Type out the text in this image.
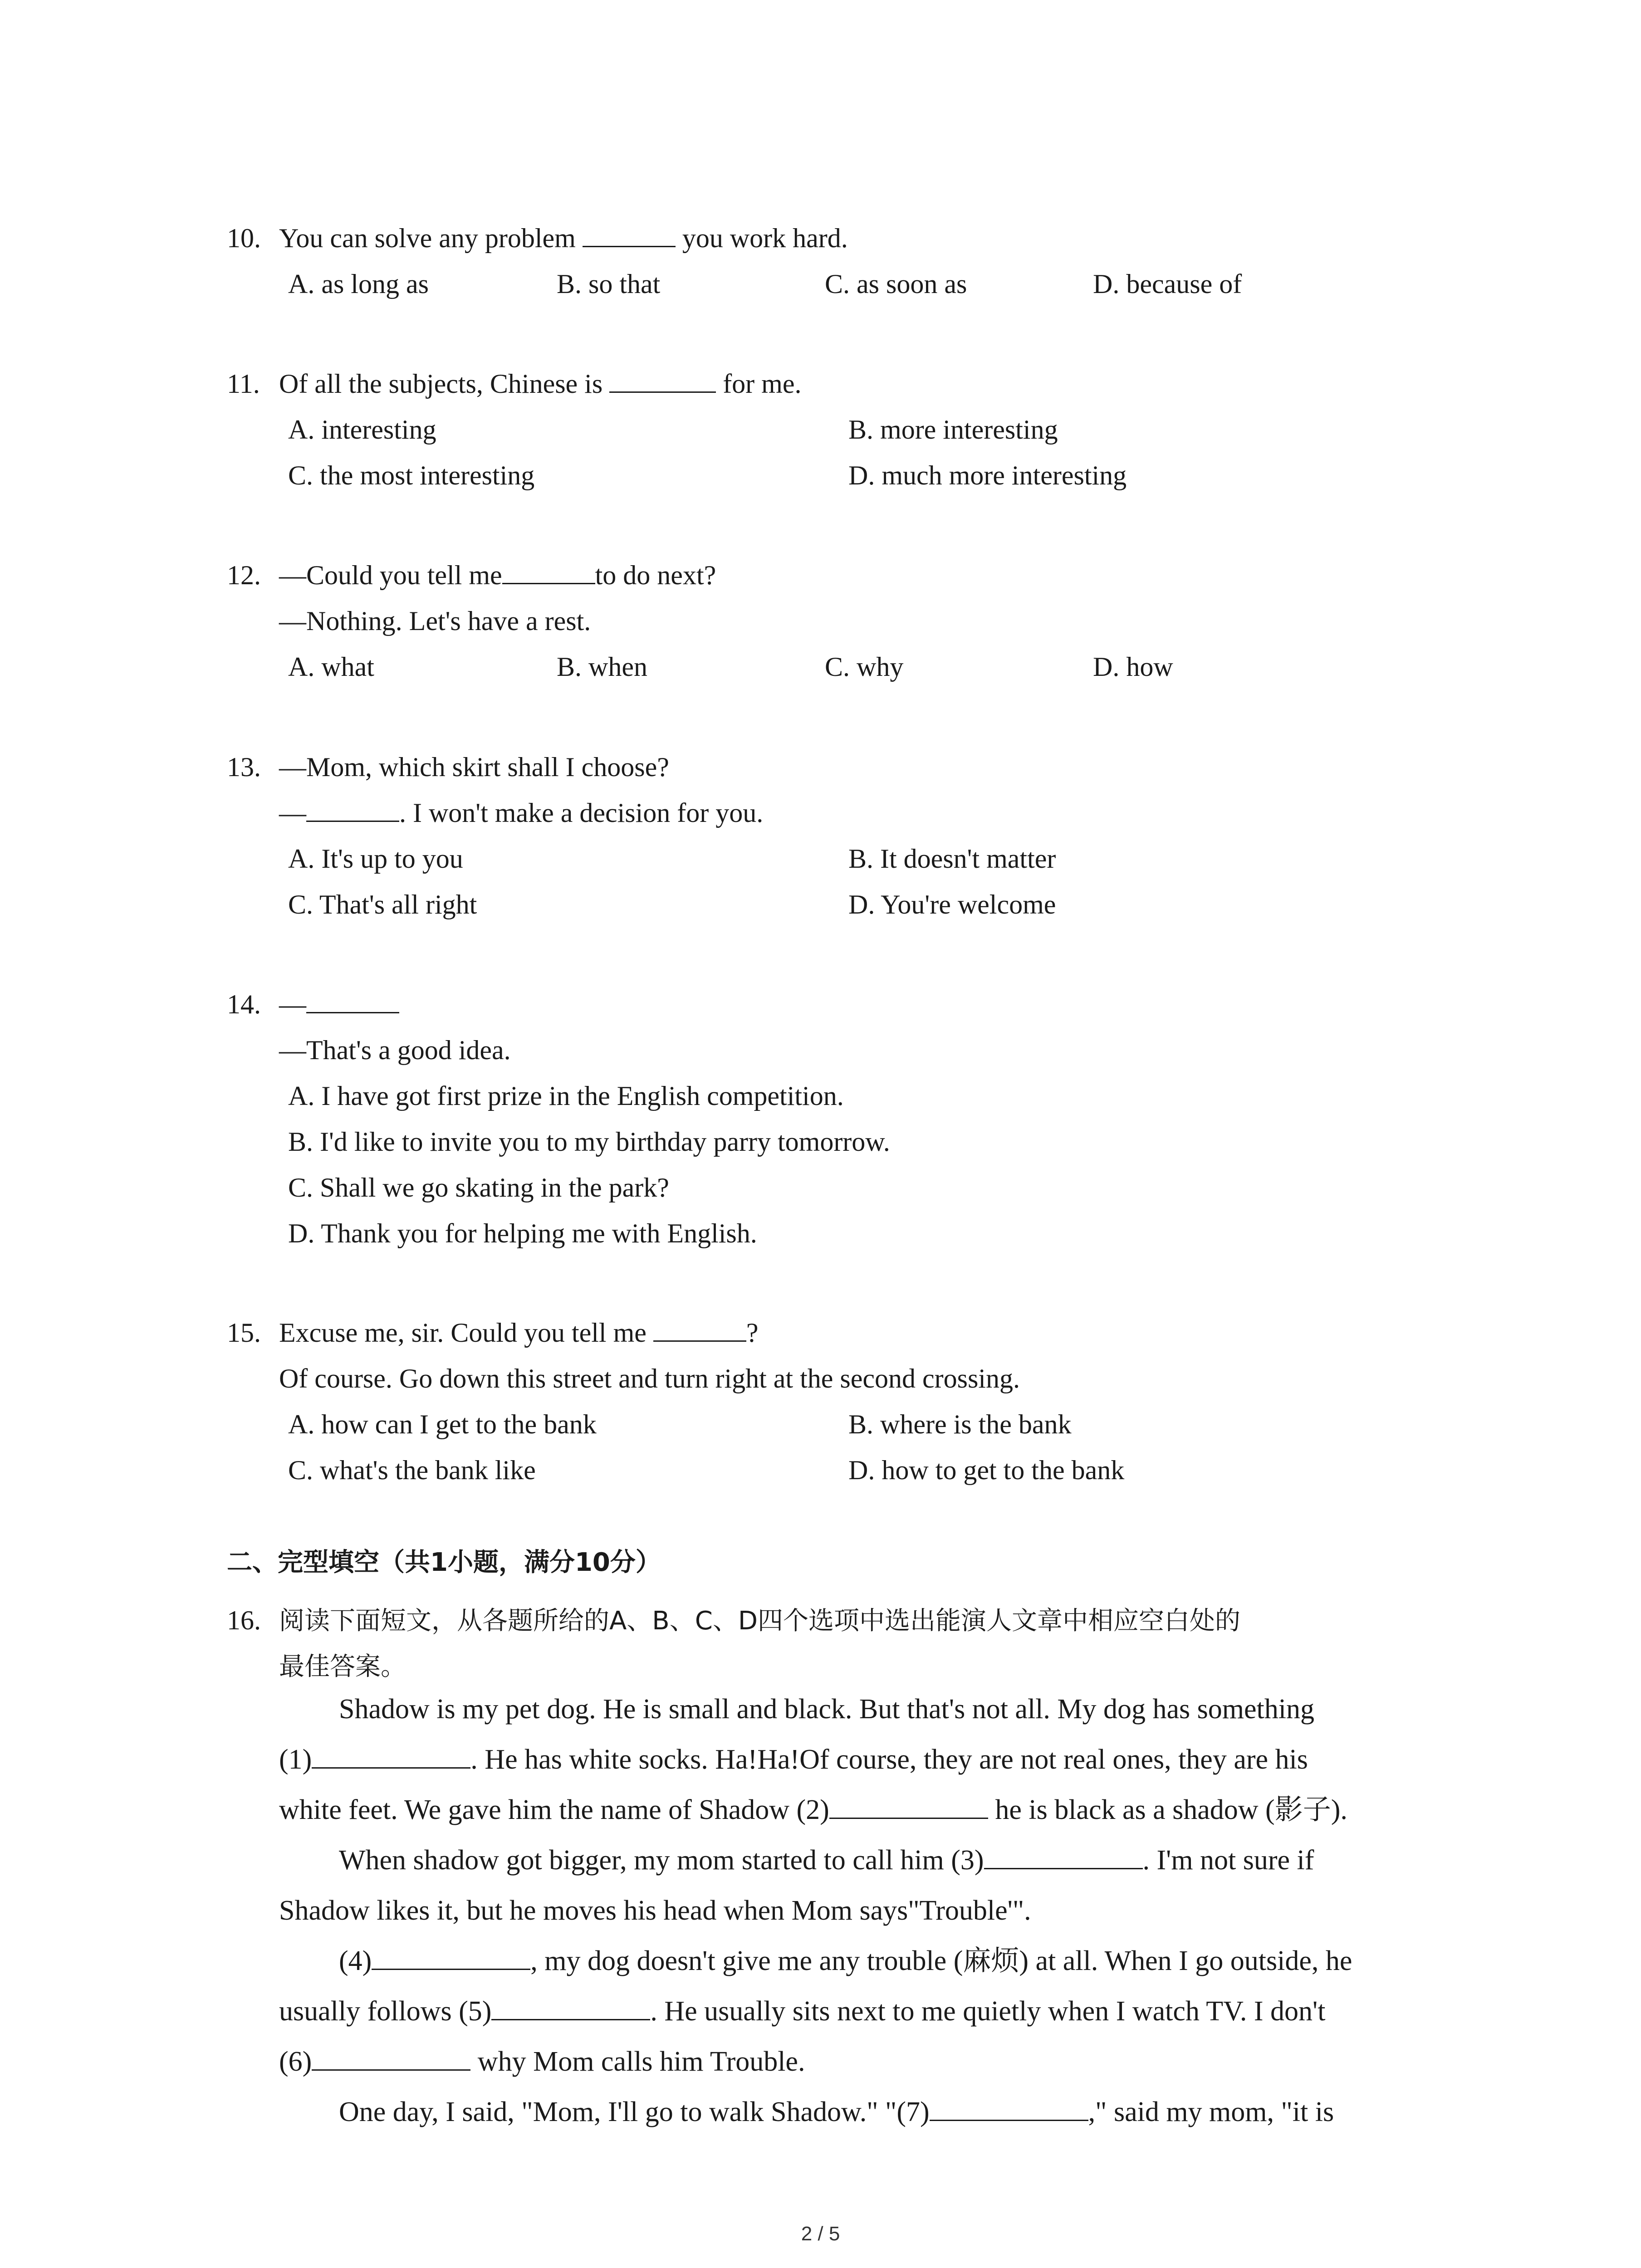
10. You can solve any problem	you work hard.
A. as long as	B. so that	C. as soon as	D. because of
11. Of all the subjects, Chinese is	for me.
A. interesting	B. more interesting
C. the most interesting	D. much more interesting
12. —Could you tell me	to do next?
—Nothing. Let's have a rest.
A. what	B. when	C. why	D. how
13. —Mom, which skirt shall I choose?
—	. I won't make a decision for you.
A. It's up to you	B. It doesn't matter
C. That's all right	D. You're welcome
14. —
—That's a good idea.
A. I have got first prize in the English competition.
B. I'd like to invite you to my birthday parry tomorrow.
C. Shall we go skating in the park?
D. Thank you for helping me with English.
15. Excuse me, sir. Could you tell me	?
Of course. Go down this street and turn right at the second crossing.
A. how can I get to the bank	B. where is the bank
C. what's the bank like	D. how to get to the bank
二、完型填空（共1小题，满分10分）
16. 阅读下面短文，从各题所给的A、B、C、D四个选项中选出能演人文章中相应空白处的
最佳答案。
Shadow is my pet dog. He is small and black. But that's not all. My dog has something
(1)	. He has white socks. Ha!Ha!Of course, they are not real ones, they are his
white feet. We gave him the name of Shadow (2)	he is black as a shadow (影子).
When shadow got bigger, my mom started to call him (3)	. I'm not sure if
Shadow likes it, but he moves his head when Mom says"Trouble'".
(4)	, my dog doesn't give me any trouble (麻烦) at all. When I go outside, he
usually follows (5)	. He usually sits next to me quietly when I watch TV. I don't
(6)	why Mom calls him Trouble.
One day, I said, "Mom, I'll go to walk Shadow." "(7)	," said my mom, "it is
2 / 5
